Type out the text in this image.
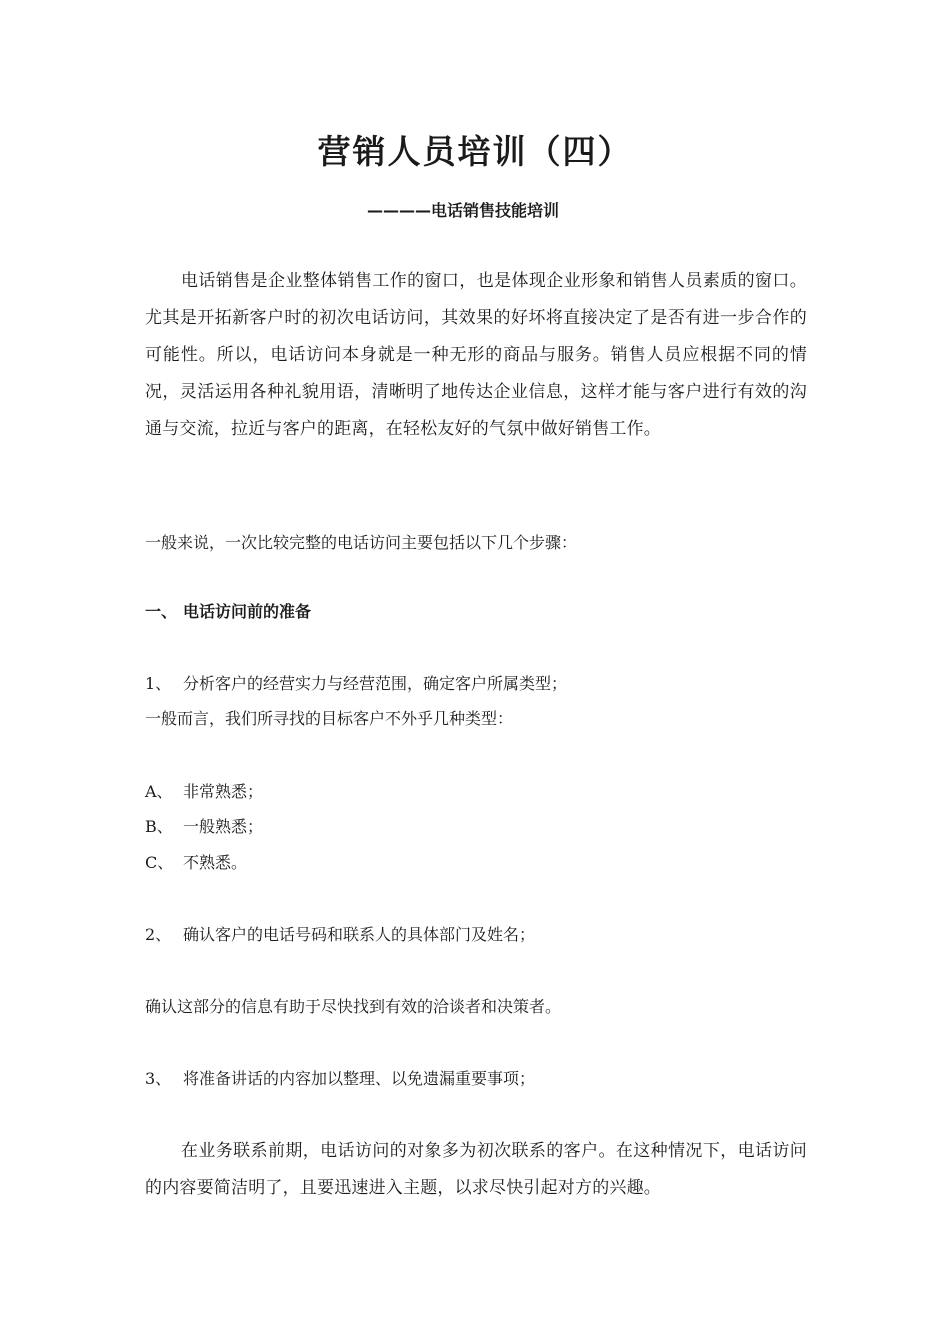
营销人员培训（四）
————电话销售技能培训
电话销售是企业整体销售工作的窗口，也是体现企业形象和销售人员素质的窗口。尤其是开拓新客户时的初次电话访问，其效果的好坏将直接决定了是否有进一步合作的可能性。所以，电话访问本身就是一种无形的商品与服务。销售人员应根据不同的情况，灵活运用各种礼貌用语，清晰明了地传达企业信息，这样才能与客户进行有效的沟通与交流，拉近与客户的距离，在轻松友好的气氛中做好销售工作。
一般来说，一次比较完整的电话访问主要包括以下几个步骤：
一、 电话访问前的准备
1、 分析客户的经营实力与经营范围，确定客户所属类型；
一般而言，我们所寻找的目标客户不外乎几种类型：
A、 非常熟悉；
B、 一般熟悉；
C、 不熟悉。
2、 确认客户的电话号码和联系人的具体部门及姓名；
确认这部分的信息有助于尽快找到有效的洽谈者和决策者。
3、 将准备讲话的内容加以整理、以免遗漏重要事项；
在业务联系前期，电话访问的对象多为初次联系的客户。在这种情况下，电话访问的内容要简洁明了，且要迅速进入主题，以求尽快引起对方的兴趣。
